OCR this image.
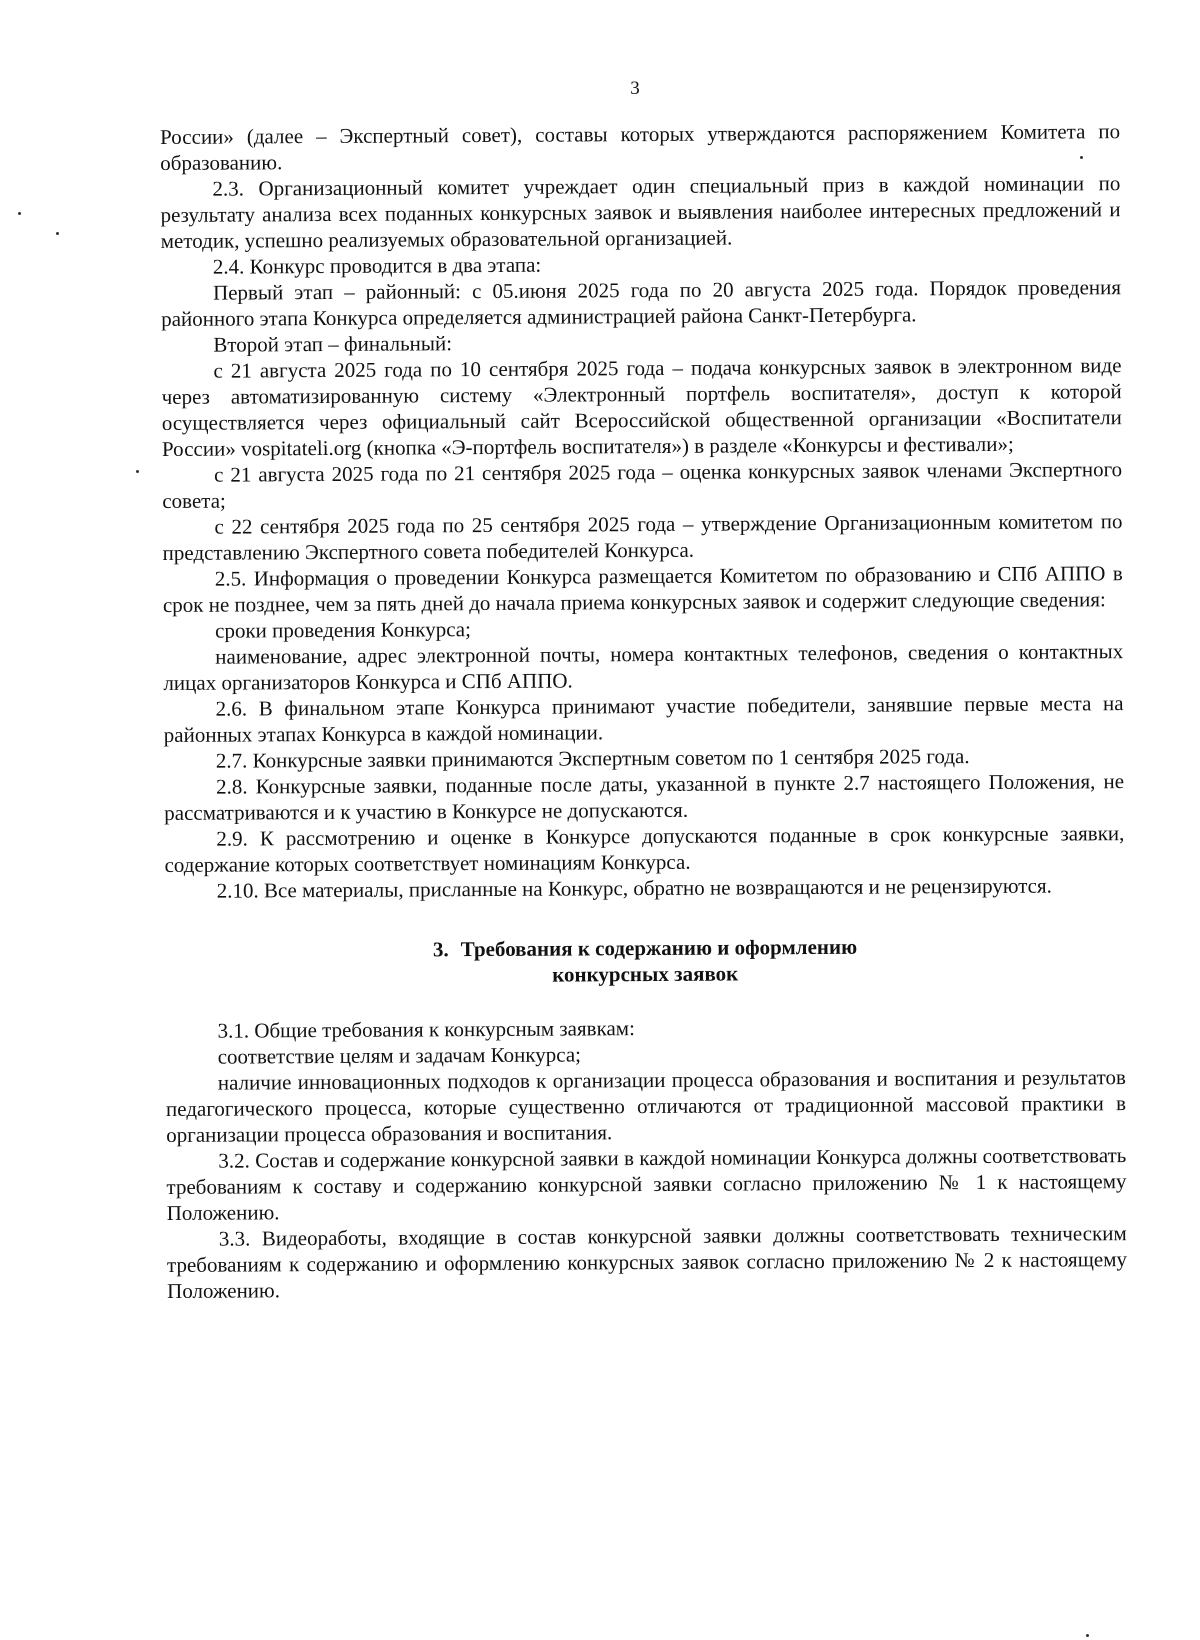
3

России» (далее – Экспертный совет), составы которых утверждаются распоряжением Комитета по образованию.

2.3. Организационный комитет учреждает один специальный приз в каждой номинации по результату анализа всех поданных конкурсных заявок и выявления наиболее интересных предложений и методик, успешно реализуемых образовательной организацией.

2.4. Конкурс проводится в два этапа:

Первый этап – районный: с 05.июня 2025 года по 20 августа 2025 года. Порядок проведения районного этапа Конкурса определяется администрацией района Санкт-Петербурга.

Второй этап – финальный:

с 21 августа 2025 года по 10 сентября 2025 года – подача конкурсных заявок в электронном виде через автоматизированную систему «Электронный портфель воспитателя», доступ к которой осуществляется через официальный сайт Всероссийской общественной организации «Воспитатели России» vospitateli.org (кнопка «Э-портфель воспитателя») в разделе «Конкурсы и фестивали»;

с 21 августа 2025 года по 21 сентября 2025 года – оценка конкурсных заявок членами Экспертного совета;

с 22 сентября 2025 года по 25 сентября 2025 года – утверждение Организационным комитетом по представлению Экспертного совета победителей Конкурса.

2.5. Информация о проведении Конкурса размещается Комитетом по образованию и СПб АППО в срок не позднее, чем за пять дней до начала приема конкурсных заявок и содержит следующие сведения:

сроки проведения Конкурса;

наименование, адрес электронной почты, номера контактных телефонов, сведения о контактных лицах организаторов Конкурса и СПб АППО.

2.6. В финальном этапе Конкурса принимают участие победители, занявшие первые места на районных этапах Конкурса в каждой номинации.

2.7. Конкурсные заявки принимаются Экспертным советом по 1 сентября 2025 года.

2.8. Конкурсные заявки, поданные после даты, указанной в пункте 2.7 настоящего Положения, не рассматриваются и к участию в Конкурсе не допускаются.

2.9. К рассмотрению и оценке в Конкурсе допускаются поданные в срок конкурсные заявки, содержание которых соответствует номинациям Конкурса.

2.10. Все материалы, присланные на Конкурс, обратно не возвращаются и не рецензируются.

3. Требования к содержанию и оформлению
конкурсных заявок

3.1. Общие требования к конкурсным заявкам:

соответствие целям и задачам Конкурса;

наличие инновационных подходов к организации процесса образования и воспитания и результатов педагогического процесса, которые существенно отличаются от традиционной массовой практики в организации процесса образования и воспитания.

3.2. Состав и содержание конкурсной заявки в каждой номинации Конкурса должны соответствовать требованиям к составу и содержанию конкурсной заявки согласно приложению № 1 к настоящему Положению.

3.3. Видеоработы, входящие в состав конкурсной заявки должны соответствовать техническим требованиям к содержанию и оформлению конкурсных заявок согласно приложению № 2 к настоящему Положению.
